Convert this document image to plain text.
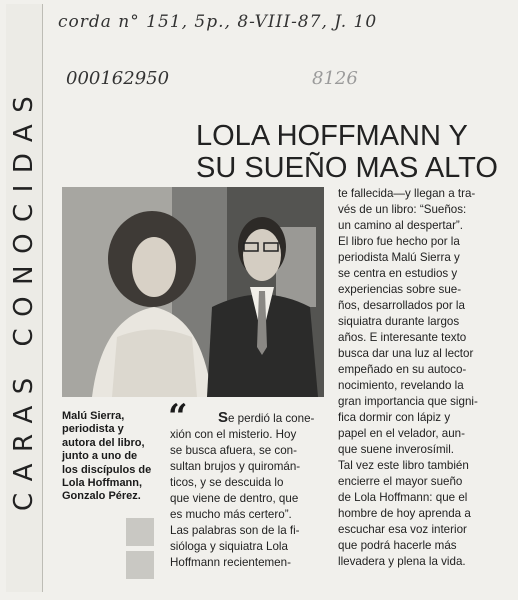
CARAS CONOCIDAS
corda n° 151, 5p., 8-VIII-87, J. 10
000162950	8126
LOLA HOFFMANN Y
SU SUEÑO MAS ALTO

Malú Sierra,
periodista y
autora del libro,
junto a uno de
los discípulos de
Lola Hoffmann,
Gonzalo Pérez.

“	Se perdió la cone-
xión con el misterio. Hoy
se busca afuera, se con-
sultan brujos y quiromán-
ticos, y se descuida lo
que viene de dentro, que
es mucho más certero”.
Las palabras son de la fi-
sióloga y siquiatra Lola
Hoffmann recientemen-

te fallecida—y llegan a tra-
vés de un libro: “Sueños:
un camino al despertar”.
El libro fue hecho por la
periodista Malú Sierra y
se centra en estudios y
experiencias sobre sue-
ños, desarrollados por la
siquiatra durante largos
años. E interesante texto
busca dar una luz al lector
empeñado en su autoco-
nocimiento, revelando la
gran importancia que signi-
fica dormir con lápiz y
papel en el velador, aun-
que suene inverosímil.
Tal vez este libro también
encierre el mayor sueño
de Lola Hoffmann: que el
hombre de hoy aprenda a
escuchar esa voz interior
que podrá hacerle más
llevadera y plena la vida.
